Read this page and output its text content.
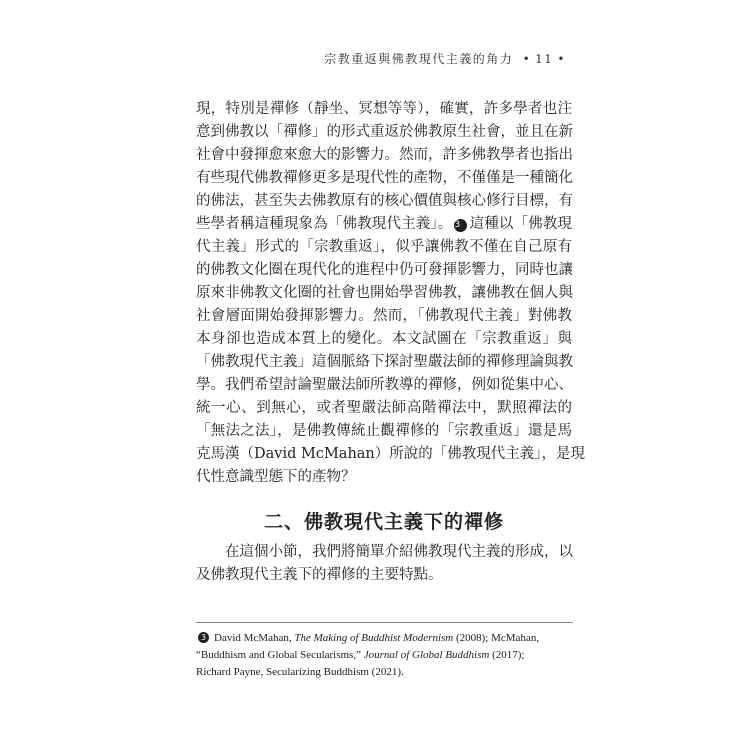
宗教重返與佛教現代主義的角力 • 11 •
現，特別是禪修（靜坐、冥想等等），確實，許多學者也注
意到佛教以「禪修」的形式重返於佛教原生社會，並且在新
社會中發揮愈來愈大的影響力。然而，許多佛教學者也指出
有些現代佛教禪修更多是現代性的產物，不僅僅是一種簡化
的佛法，甚至失去佛教原有的核心價值與核心修行目標，有
些學者稱這種現象為「佛教現代主義」。 3 這種以「佛教現
代主義」形式的「宗教重返」，似乎讓佛教不僅在自己原有
的佛教文化圈在現代化的進程中仍可發揮影響力，同時也讓
原來非佛教文化圈的社會也開始學習佛教，讓佛教在個人與
社會層面開始發揮影響力。然而，「佛教現代主義」對佛教
本身卻也造成本質上的變化。本文試圖在「宗教重返」與
「佛教現代主義」這個脈絡下探討聖嚴法師的禪修理論與教
學。我們希望討論聖嚴法師所教導的禪修，例如從集中心、
統一心、到無心，或者聖嚴法師高階禪法中，默照禪法的
「無法之法」，是佛教傳統止觀禪修的「宗教重返」還是馬
克馬漢（David McMahan）所說的「佛教現代主義」，是現
代性意識型態下的產物？
二、佛教現代主義下的禪修
在這個小節，我們將簡單介紹佛教現代主義的形成，以
及佛教現代主義下的禪修的主要特點。
3 David McMahan, The Making of Buddhist Modernism (2008); McMahan,
“Buddhism and Global Secularisms,” Journal of Global Buddhism (2017);
Richard Payne, Secularizing Buddhism (2021).
